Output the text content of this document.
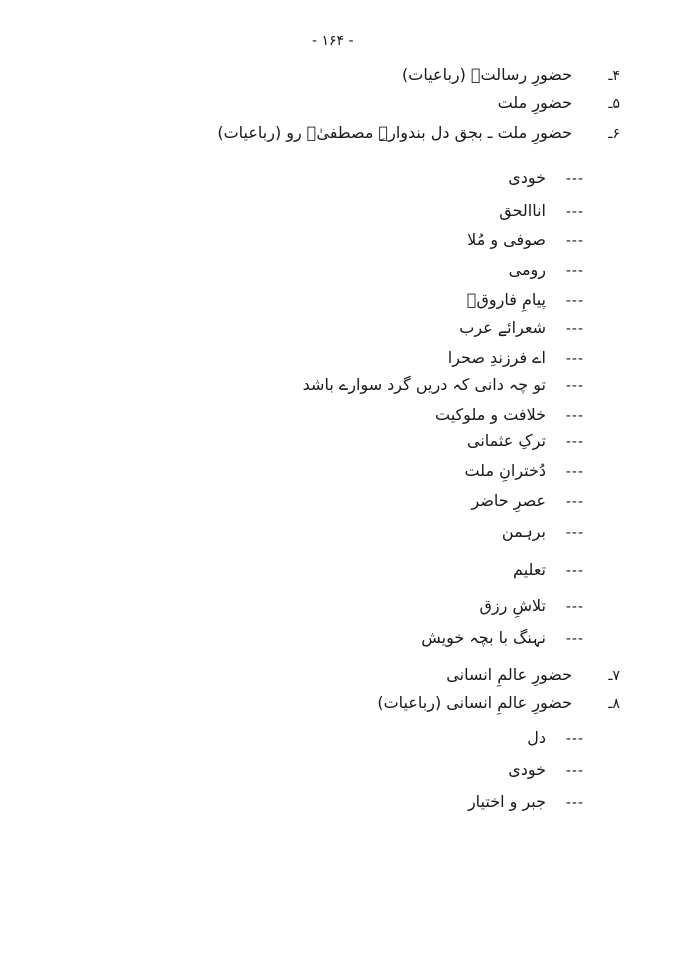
- ۱۶۴ -
۴ـحضورِ رسالتؐ (رباعیات)
۵ـحضورِ ملت
۶ـحضورِ ملت ـ بجق دل بندوارہِ مصطفیٰؐ رو (رباعیات)
---خودی
---اناالحق
---صوفی و مُلا
---رومی
---پیامِ فاروقؓ
---شعرائے عرب
---اے فرزندِ صحرا
---تو چہ دانی کہ دریں گرد سوارے باشد
---خلافت و ملوکیت
---ترکِ عثمانی
---دُخترانِ ملت
---عصرِ حاضر
---برہمن
---تعلیم
---تلاشِ رزق
---نہنگ با بچہ خویش
۷ـحضورِ عالمِ انسانی
۸ـحضورِ عالمِ انسانی (رباعیات)
---دل
---خودی
---جبر و اختیار
